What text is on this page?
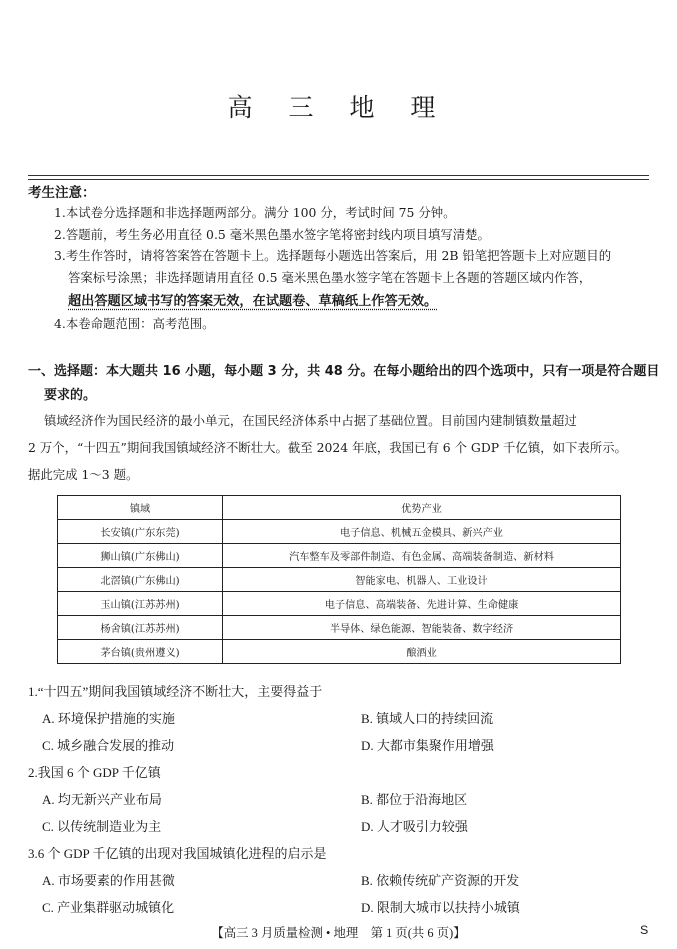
高 三 地 理
考生注意：
1.本试卷分选择题和非选择题两部分。满分 100 分，考试时间 75 分钟。
2.答题前，考生务必用直径 0.5 毫米黑色墨水签字笔将密封线内项目填写清楚。
3.考生作答时，请将答案答在答题卡上。选择题每小题选出答案后，用 2B 铅笔把答题卡上对应题目的
答案标号涂黑；非选择题请用直径 0.5 毫米黑色墨水签字笔在答题卡上各题的答题区域内作答，
超出答题区域书写的答案无效，在试题卷、草稿纸上作答无效。
4.本卷命题范围：高考范围。
一、选择题：本大题共 16 小题，每小题 3 分，共 48 分。在每小题给出的四个选项中，只有一项是符合题目
要求的。
镇域经济作为国民经济的最小单元，在国民经济体系中占据了基础位置。目前国内建制镇数量超过
2 万个，“十四五”期间我国镇域经济不断壮大。截至 2024 年底，我国已有 6 个 GDP 千亿镇，如下表所示。
据此完成 1～3 题。
镇域	优势产业
长安镇(广东东莞)	电子信息、机械五金模具、新兴产业
狮山镇(广东佛山)	汽车整车及零部件制造、有色金属、高端装备制造、新材料
北滘镇(广东佛山)	智能家电、机器人、工业设计
玉山镇(江苏苏州)	电子信息、高端装备、先进计算、生命健康
杨舍镇(江苏苏州)	半导体、绿色能源、智能装备、数字经济
茅台镇(贵州遵义)	酿酒业
1.“十四五”期间我国镇域经济不断壮大，主要得益于
A. 环境保护措施的实施	B. 镇域人口的持续回流
C. 城乡融合发展的推动	D. 大都市集聚作用增强
2.我国 6 个 GDP 千亿镇
A. 均无新兴产业布局	B. 都位于沿海地区
C. 以传统制造业为主	D. 人才吸引力较强
3.6 个 GDP 千亿镇的出现对我国城镇化进程的启示是
A. 市场要素的作用甚微	B. 依赖传统矿产资源的开发
C. 产业集群驱动城镇化	D. 限制大城市以扶持小城镇
【高三 3 月质量检测 • 地理　第 1 页(共 6 页)】	S
